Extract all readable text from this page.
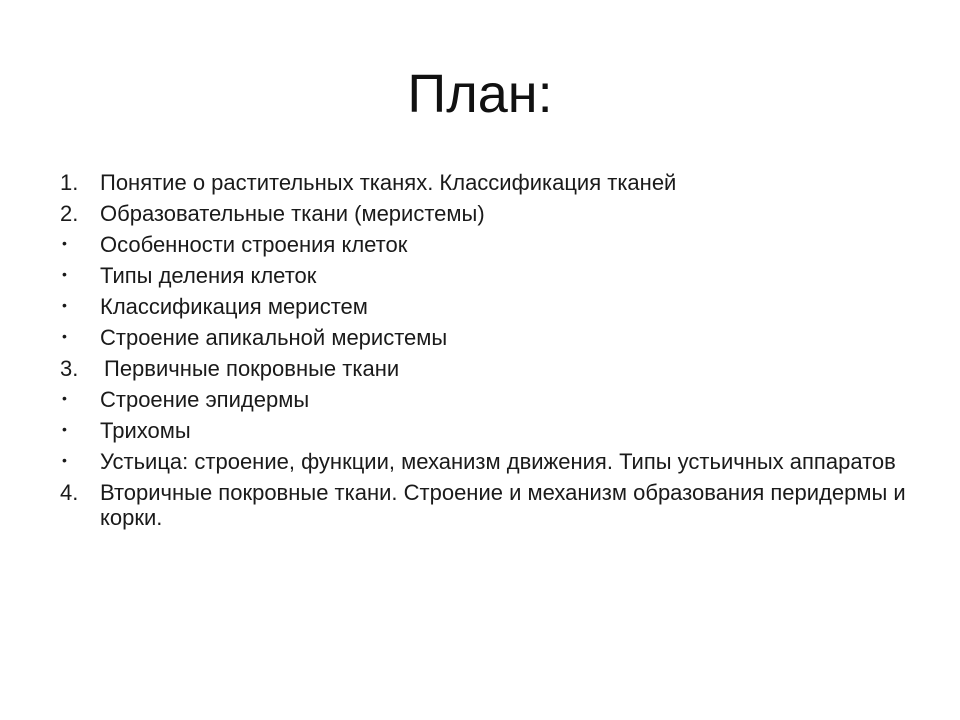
План:
1. Понятие о растительных тканях. Классификация тканей
2. Образовательные ткани (меристемы)
•	Особенности строения клеток
•	Типы деления клеток
•	Классификация меристем
•	Строение апикальной меристемы
3.	Первичные покровные ткани
•	Строение эпидермы
•	Трихомы
•	Устьица: строение, функции, механизм движения. Типы устьичных аппаратов
4. Вторичные покровные ткани. Строение и механизм образования перидермы и корки.
